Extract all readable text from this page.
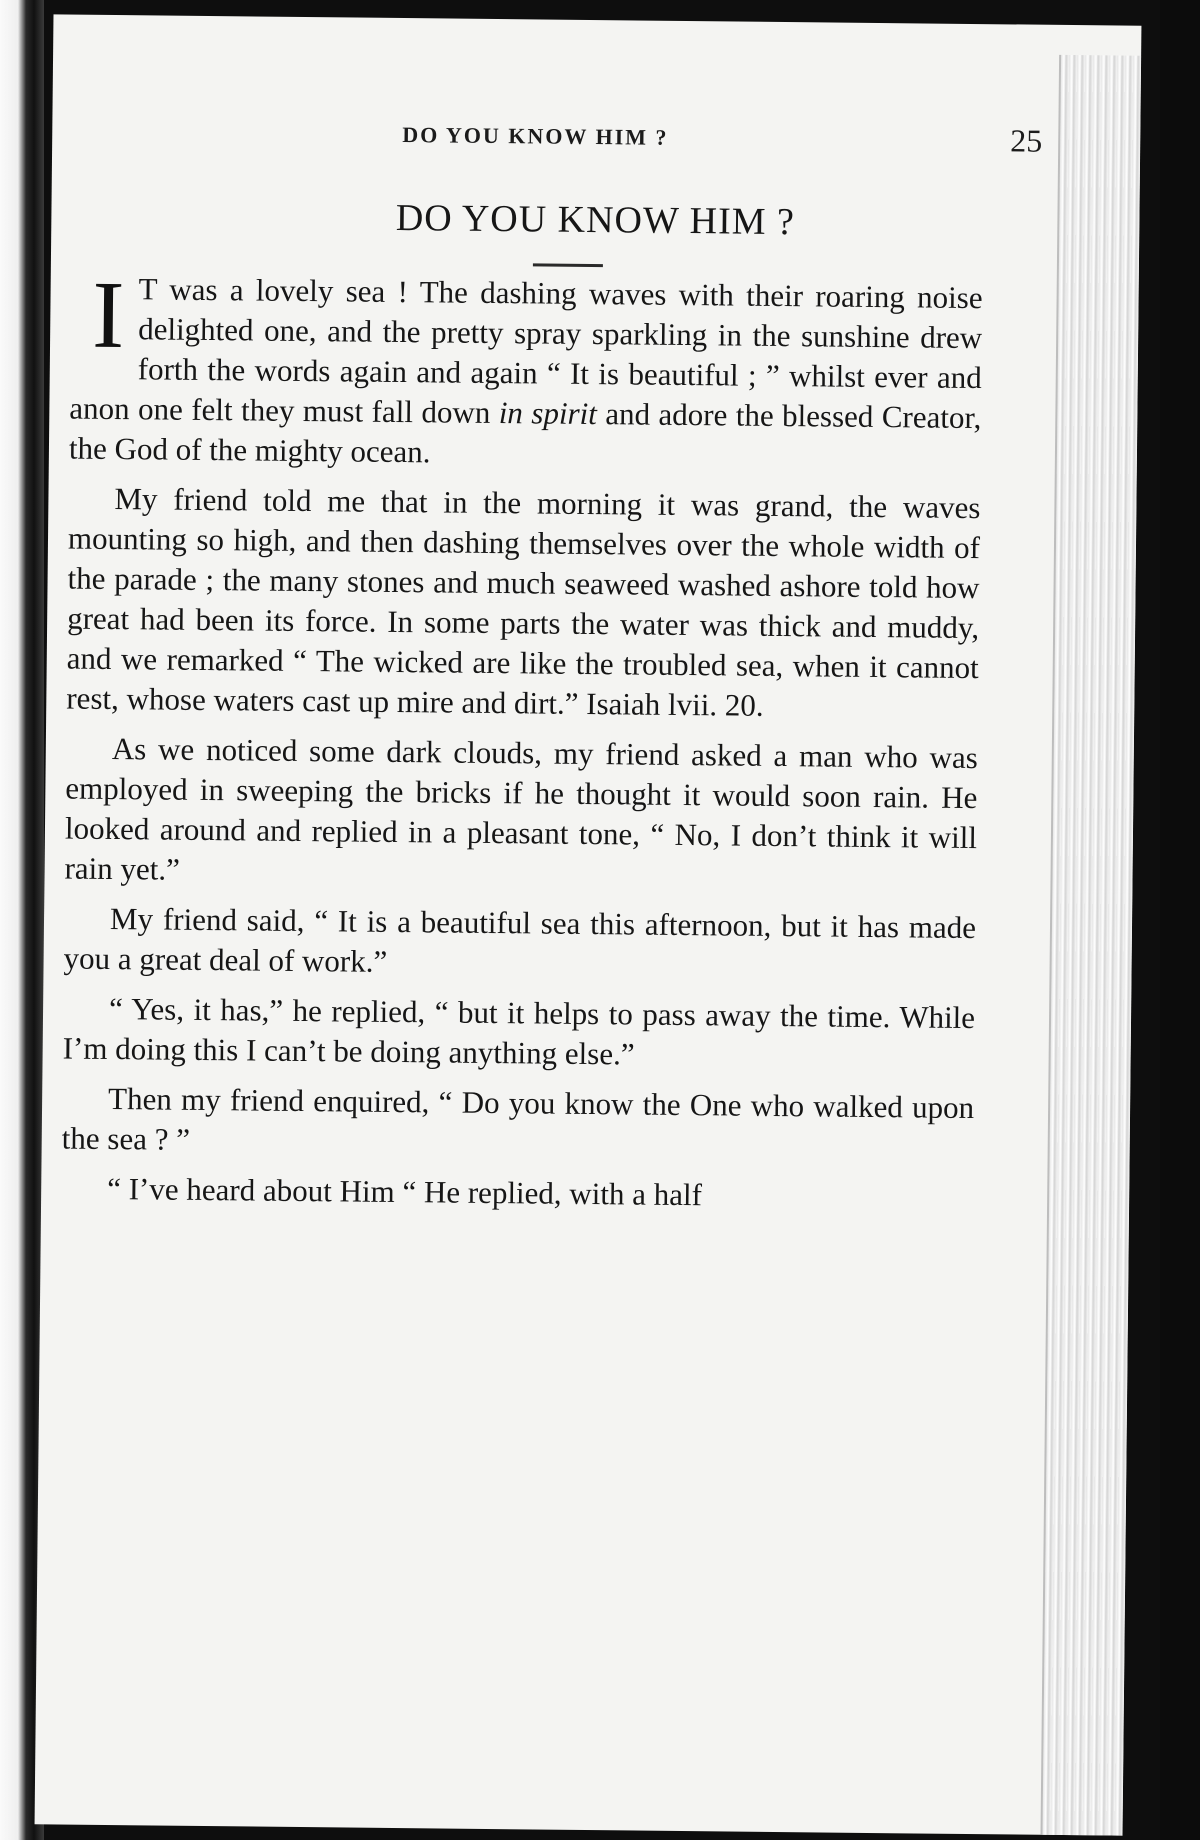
DO YOU KNOW HIM ?	25
DO YOU KNOW HIM ?

I T was a lovely sea ! The dashing waves with their roaring noise delighted one, and the pretty spray sparkling in the sunshine drew forth the words again and again “ It is beautiful ; ” whilst ever and anon one felt they must fall down in spirit and adore the blessed Creator, the God of the mighty ocean.

My friend told me that in the morning it was grand, the waves mounting so high, and then dashing themselves over the whole width of the parade ; the many stones and much seaweed washed ashore told how great had been its force. In some parts the water was thick and muddy, and we remarked “ The wicked are like the troubled sea, when it cannot rest, whose waters cast up mire and dirt.” Isaiah lvii. 20.

As we noticed some dark clouds, my friend asked a man who was employed in sweeping the bricks if he thought it would soon rain. He looked around and replied in a pleasant tone, “ No, I don’t think it will rain yet.”

My friend said, “ It is a beautiful sea this afternoon, but it has made you a great deal of work.”

“ Yes, it has,” he replied, “ but it helps to pass away the time. While I’m doing this I can’t be doing anything else.”

Then my friend enquired, “ Do you know the One who walked upon the sea ? ”

“ I’ve heard about Him “ He replied, with a half
